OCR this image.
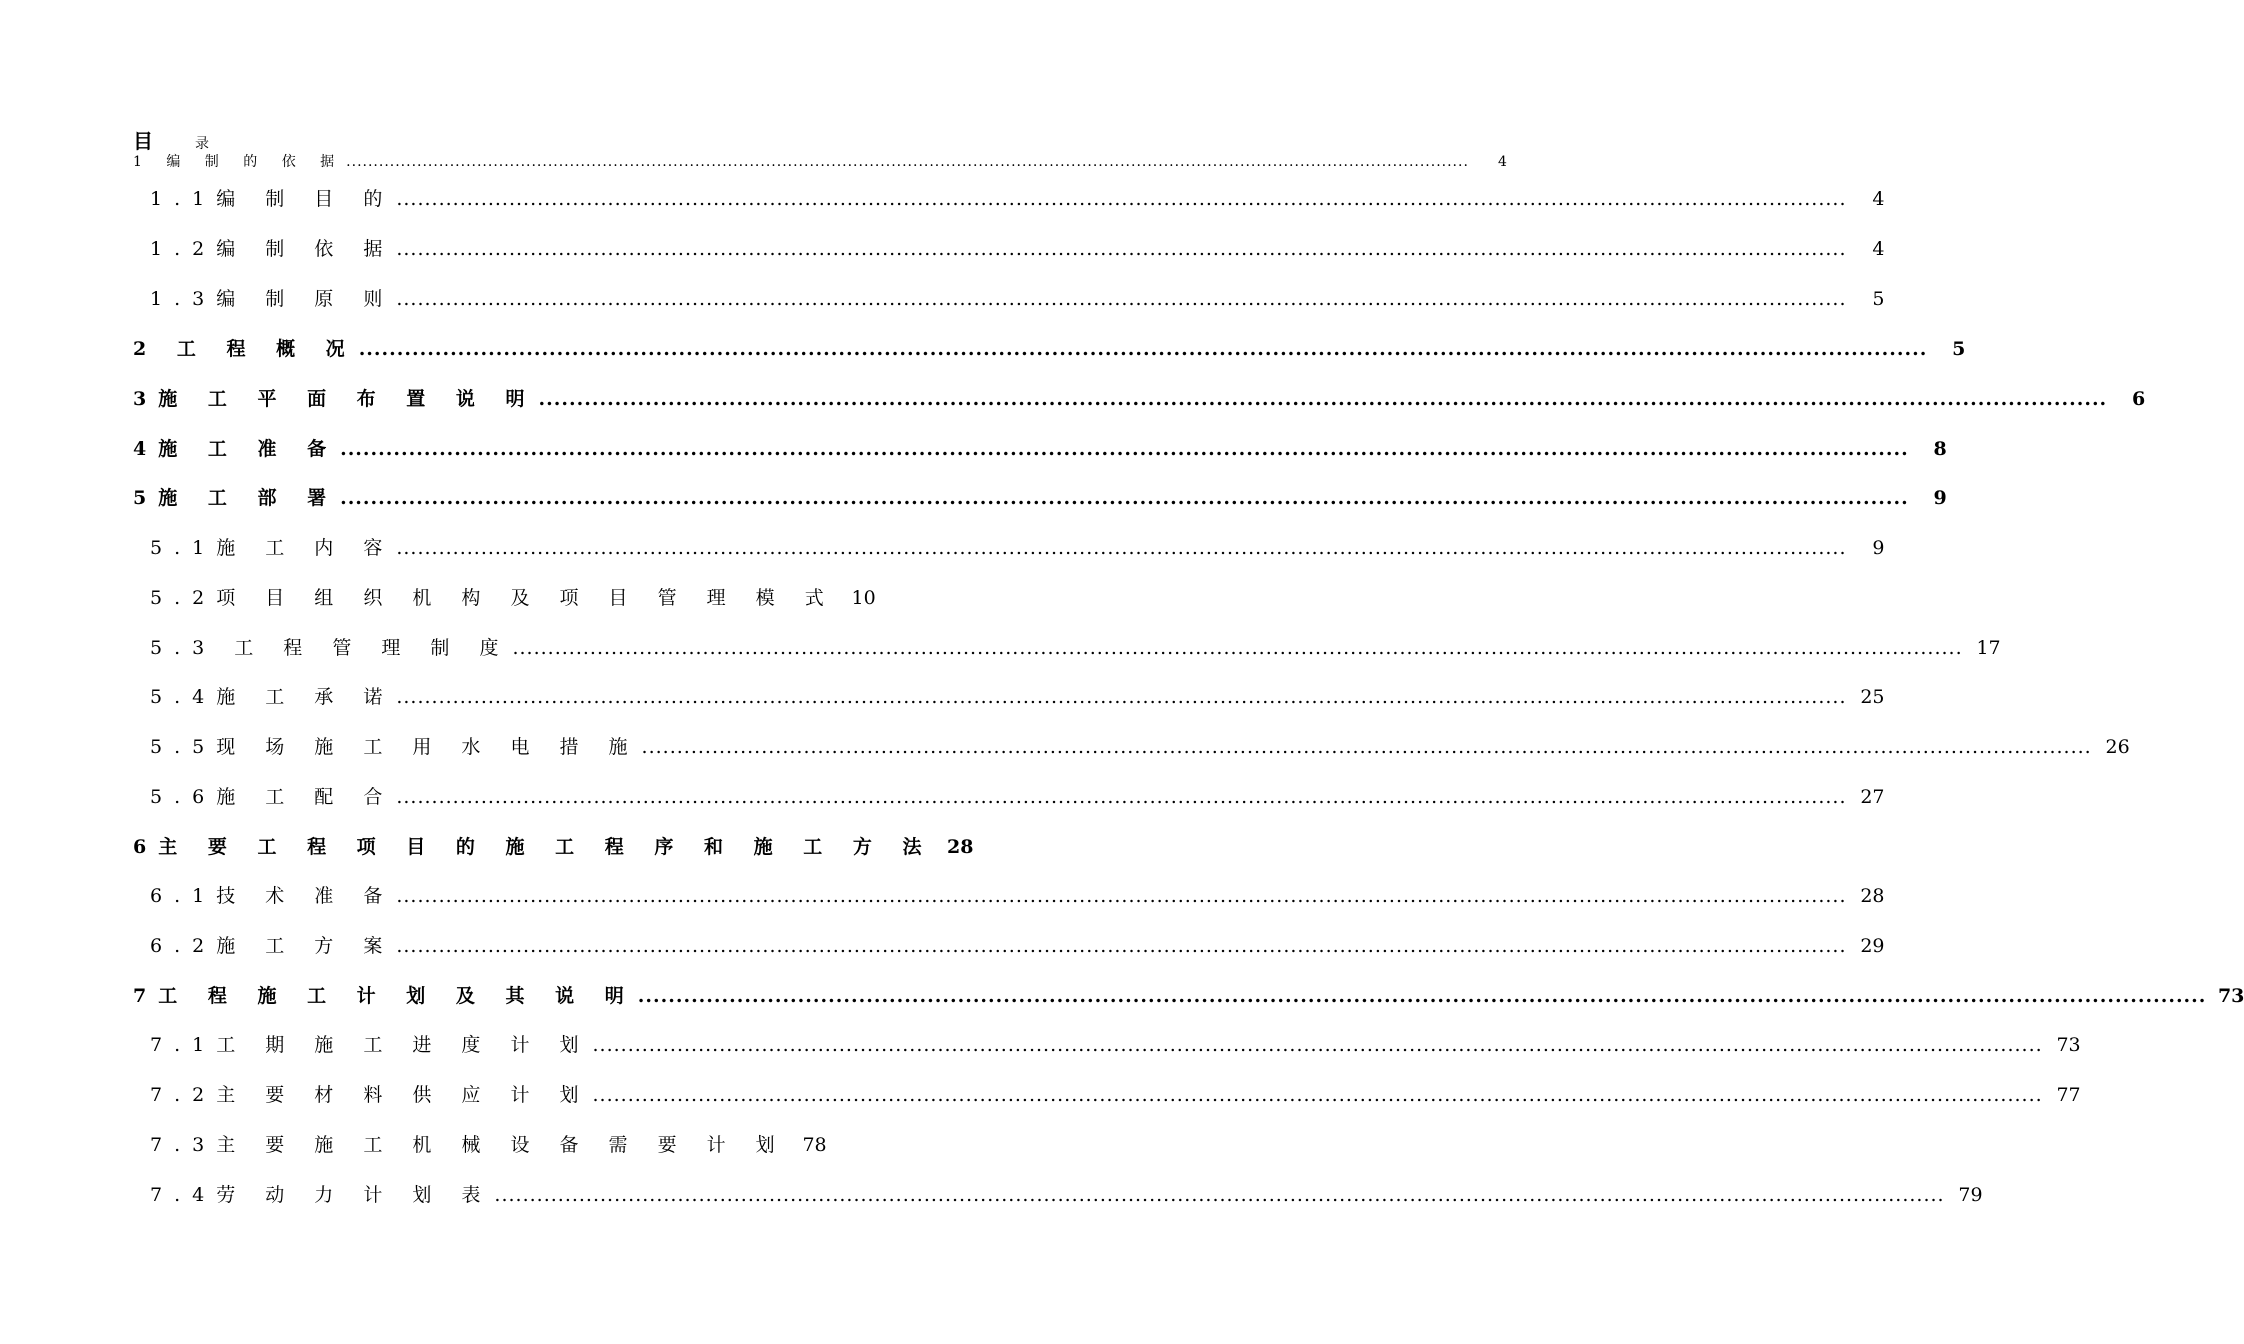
目	录
1 编 制 的 依 据 ..............................................................................................................................................................................................................	4
1.1编 制 目 的 ..............................................................................................................................................................................................................	4
1.2编 制 依 据 ..............................................................................................................................................................................................................	4
1.3编 制 原 则 ..............................................................................................................................................................................................................	5
2 工 程 概 况 ..............................................................................................................................................................................................................	5
3施 工 平 面 布 置 说 明 ..............................................................................................................................................................................................................	6
4施 工 准 备 ..............................................................................................................................................................................................................	8
5施 工 部 署 ..............................................................................................................................................................................................................	9
5.1施 工 内 容 ..............................................................................................................................................................................................................	9
5.2项 目 组 织 机 构 及 项 目 管 理 模 式 10
5.3 工 程 管 理 制 度 .............................................................................................................................................................................................................. 17
5.4施 工 承 诺 .............................................................................................................................................................................................................. 25
5.5现 场 施 工 用 水 电 措 施 .............................................................................................................................................................................................................. 26
5.6施 工 配 合 .............................................................................................................................................................................................................. 27
6主 要 工 程 项 目 的 施 工 程 序 和 施 工 方 法 28
6.1技 术 准 备 .............................................................................................................................................................................................................. 28
6.2施 工 方 案 .............................................................................................................................................................................................................. 29
7工 程 施 工 计 划 及 其 说 明 .............................................................................................................................................................................................................. 73
7.1工 期 施 工 进 度 计 划 .............................................................................................................................................................................................................. 73
7.2主 要 材 料 供 应 计 划 .............................................................................................................................................................................................................. 77
7.3主 要 施 工 机 械 设 备 需 要 计 划 78
7.4劳 动 力 计 划 表 .............................................................................................................................................................................................................. 79
